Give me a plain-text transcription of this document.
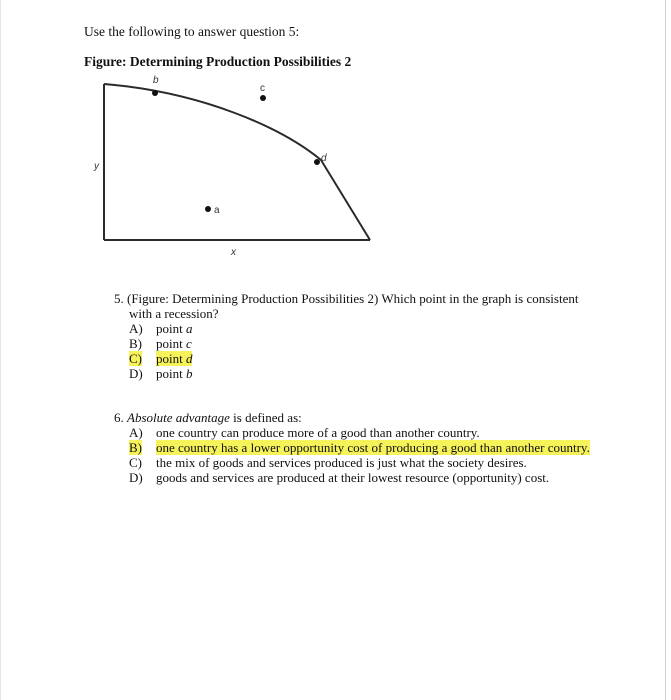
Use the following to answer question 5:
Figure: Determining Production Possibilities 2
y
x
a
b
c
d
5. (Figure: Determining Production Possibilities 2) Which point in the graph is consistent
with a recession?
A) point a
B) point c
C) point d
D) point b
6. Absolute advantage is defined as:
A) one country can produce more of a good than another country.
B) one country has a lower opportunity cost of producing a good than another country.
C) the mix of goods and services produced is just what the society desires.
D) goods and services are produced at their lowest resource (opportunity) cost.
